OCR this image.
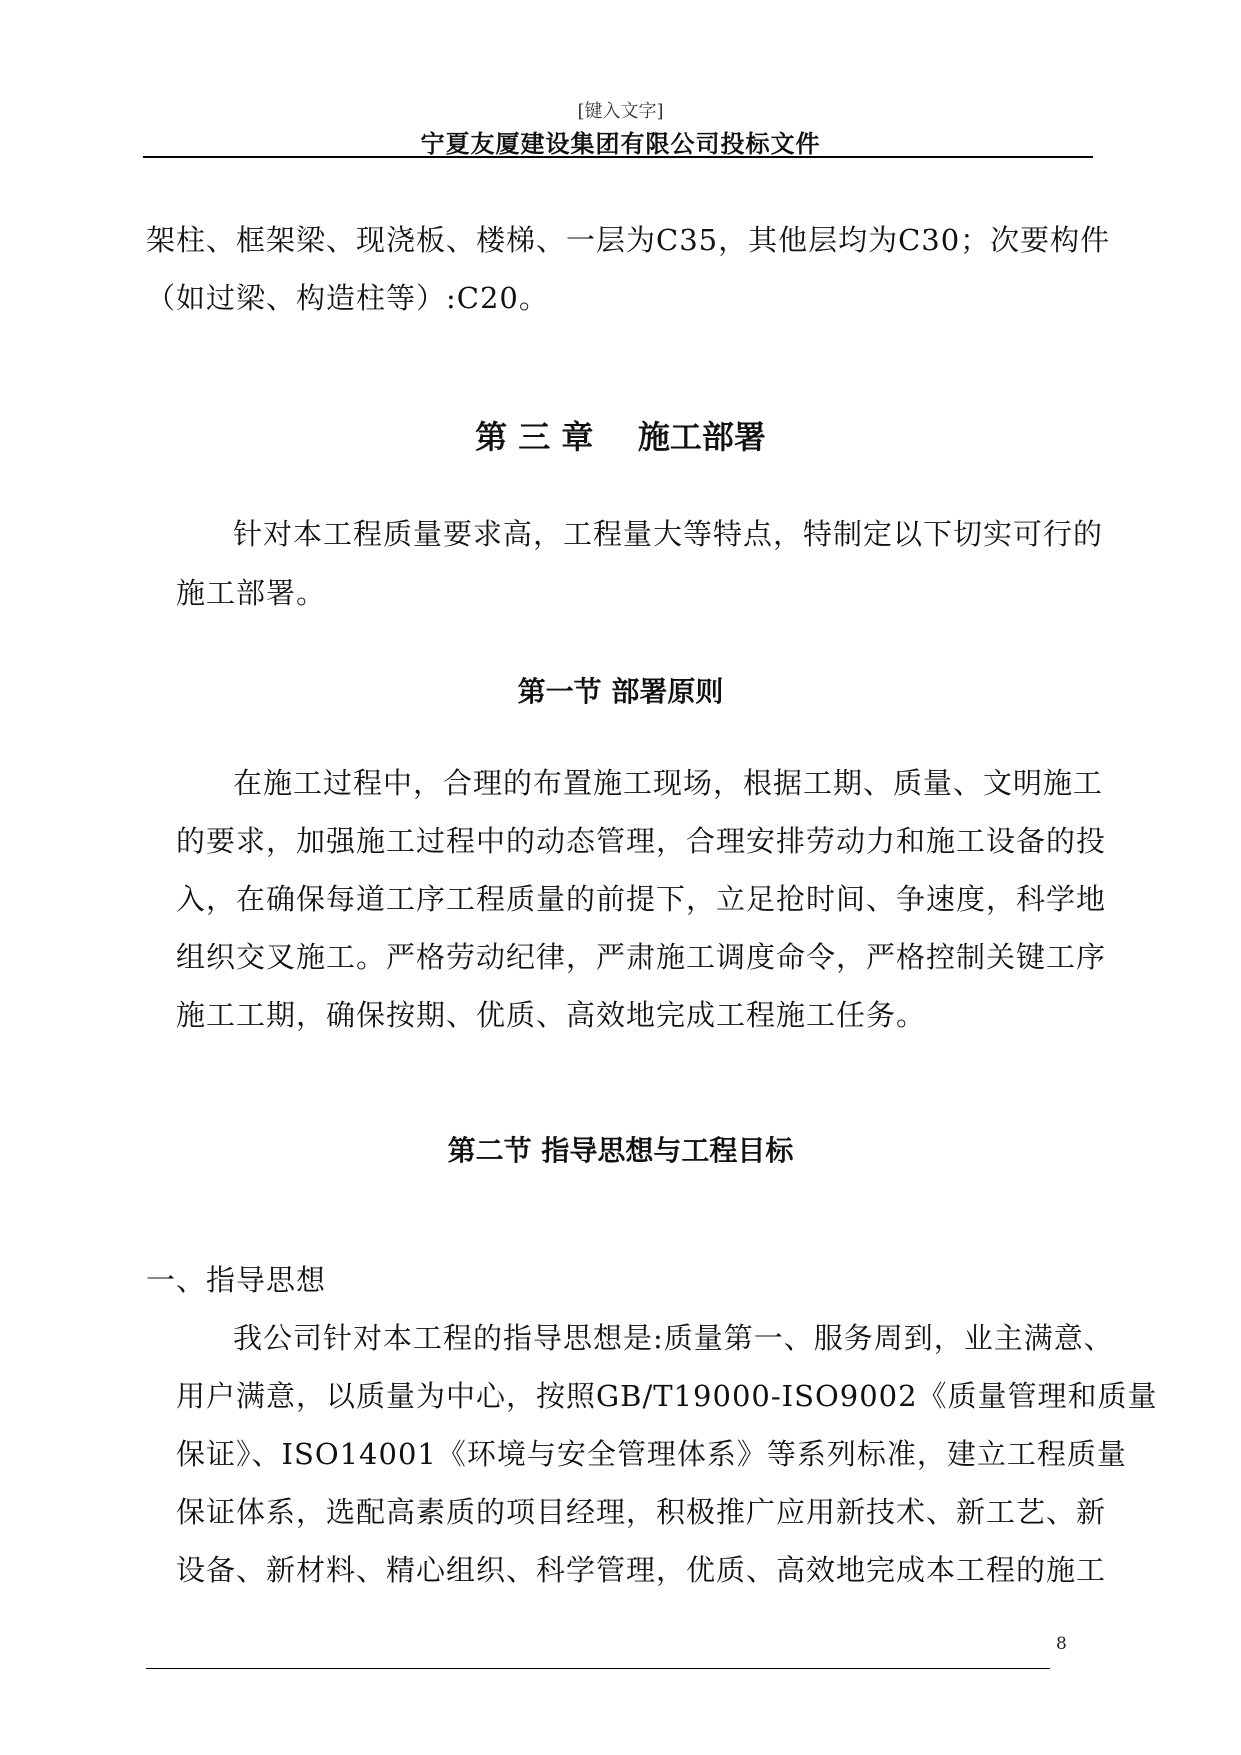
[键入文字]
宁夏友厦建设集团有限公司投标文件
架柱、框架梁、现浇板、楼梯、一层为C35，其他层均为C30；次要构件
（如过梁、构造柱等）:C20。
第 三 章    施工部署
针对本工程质量要求高，工程量大等特点，特制定以下切实可行的
施工部署。
第一节 部署原则
在施工过程中，合理的布置施工现场，根据工期、质量、文明施工
的要求，加强施工过程中的动态管理，合理安排劳动力和施工设备的投
入，在确保每道工序工程质量的前提下，立足抢时间、争速度，科学地
组织交叉施工。严格劳动纪律，严肃施工调度命令，严格控制关键工序
施工工期，确保按期、优质、高效地完成工程施工任务。
第二节 指导思想与工程目标
一、指导思想
我公司针对本工程的指导思想是:质量第一、服务周到，业主满意、
用户满意，以质量为中心，按照GB/T19000-ISO9002《质量管理和质量
保证》、ISO14001《环境与安全管理体系》等系列标准，建立工程质量
保证体系，选配高素质的项目经理，积极推广应用新技术、新工艺、新
设备、新材料、精心组织、科学管理，优质、高效地完成本工程的施工
8
